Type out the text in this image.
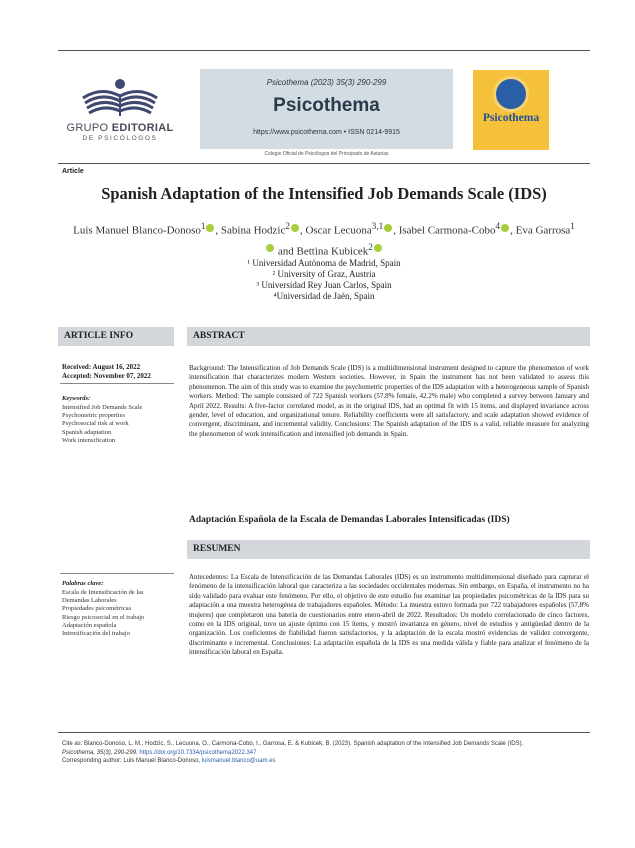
GRUPO EDITORIAL
DE PSICÓLOGOS
Psicothema (2023) 35(3) 290-299
Psicothema
https://www.psicothema.com • ISSN 0214-9915
Colegio Oficial de Psicólogos del Principado de Asturias
Psicothema
Article
Spanish Adaptation of the Intensified Job Demands Scale (IDS)
Luis Manuel Blanco-Donoso$^1$ , Sabina Hodzic$^2$ , Oscar Lecuona$^{3,1}$ , Isabel Carmona-Cobo$^4$ , Eva Garrosa$^1$ and Bettina Kubicek$^2$
¹ Universidad Autónoma de Madrid, Spain
² University of Graz, Austria
³ Universidad Rey Juan Carlos, Spain
⁴Universidad de Jaén, Spain
ARTICLE INFO	ABSTRACT
Received: August 16, 2022
Accepted: November 07, 2022
Keywords:
Intensified Job Demands Scale
Psychometric properties
Psychosocial risk at work
Spanish adaptation
Work intensification
Background: The Intensification of Job Demands Scale (IDS) is a multidimensional instrument designed to capture the phenomenon of work intensification that characterizes modern Western societies. However, in Spain the instrument has not been validated to assess this phenomenon. The aim of this study was to examine the psychometric properties of the IDS adaptation with a heterogeneous sample of Spanish workers. Method: The sample consisted of 722 Spanish workers (57.8% female, 42.2% male) who completed a survey between January and April 2022. Results: A five-factor correlated model, as in the original IDS, had an optimal fit with 15 items, and displayed invariance across gender, level of education, and organizational tenure. Reliability coefficients were all satisfactory, and scale adaptation showed evidence of convergent, discriminant, and incremental validity. Conclusions: The Spanish adaptation of the IDS is a valid, reliable measure for analyzing the phenomenon of work intensification and intensified job demands in Spain.
Adaptación Española de la Escala de Demandas Laborales Intensificadas (IDS)
RESUMEN
Palabras clave:
Escala de Intensificación de las
Demandas Laborales
Propiedades psicométricas
Riesgo psicosocial en el trabajo
Adaptación española
Intensificación del trabajo
Antecedentes: La Escala de Intensificación de las Demandas Laborales (IDS) es un instrumento multidimensional diseñado para capturar el fenómeno de la intensificación laboral que caracteriza a las sociedades occidentales modernas. Sin embargo, en España, el instrumento no ha sido validado para evaluar este fenómeno. Por ello, el objetivo de este estudio fue examinar las propiedades psicométricas de la IDS para su adaptación a una muestra heterogénea de trabajadores españoles. Método: La muestra estuvo formada por 722 trabajadores españoles (57,8% mujeres) que completaron una batería de cuestionarios entre enero-abril de 2022. Resultados: Un modelo correlacionado de cinco factores, como en la IDS original, tuvo un ajuste óptimo con 15 ítems, y mostró invarianza en género, nivel de estudios y antigüedad dentro de la organización. Los coeficientes de fiabilidad fueron satisfactorios, y la adaptación de la escala mostró evidencias de validez convergente, discriminante e incremental. Conclusiones: La adaptación española de la IDS es una medida válida y fiable para analizar el fenómeno de la intensificación laboral en España.
Cite as: Blanco-Donoso, L. M., Hodzic, S., Lecuona, O., Carmona-Cobo, I., Garrosa, E. & Kubicek, B. (2023). Spanish adaptation of the Intensified Job Demands Scale (IDS).
Psicothema, 35(3), 290-299. https://doi.org/10.7334/psicothema2022.347
Corresponding author: Luis Manuel Blanco-Donoso, luismanuel.blanco@uam.es
